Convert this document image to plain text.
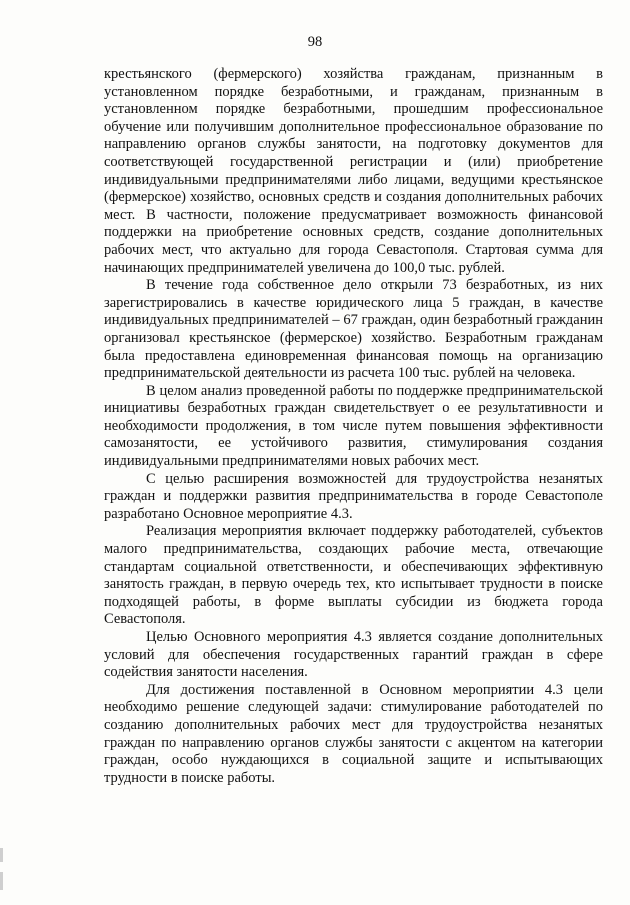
98

крестьянского (фермерского) хозяйства гражданам, признанным в установленном порядке безработными, и гражданам, признанным в установленном порядке безработными, прошедшим профессиональное обучение или получившим дополнительное профессиональное образование по направлению органов службы занятости, на подготовку документов для соответствующей государственной регистрации и (или) приобретение индивидуальными предпринимателями либо лицами, ведущими крестьянское (фермерское) хозяйство, основных средств и создания дополнительных рабочих мест. В частности, положение предусматривает возможность финансовой поддержки на приобретение основных средств, создание дополнительных рабочих мест, что актуально для города Севастополя. Стартовая сумма для начинающих предпринимателей увеличена до 100,0 тыс. рублей.

В течение года собственное дело открыли 73 безработных, из них зарегистрировались в качестве юридического лица 5 граждан, в качестве индивидуальных предпринимателей – 67 граждан, один безработный гражданин организовал крестьянское (фермерское) хозяйство. Безработным гражданам была предоставлена единовременная финансовая помощь на организацию предпринимательской деятельности из расчета 100 тыс. рублей на человека.

В целом анализ проведенной работы по поддержке предпринимательской инициативы безработных граждан свидетельствует о ее результативности и необходимости продолжения, в том числе путем повышения эффективности самозанятости, ее устойчивого развития, стимулирования создания индивидуальными предпринимателями новых рабочих мест.

С целью расширения возможностей для трудоустройства незанятых граждан и поддержки развития предпринимательства в городе Севастополе разработано Основное мероприятие 4.3.

Реализация мероприятия включает поддержку работодателей, субъектов малого предпринимательства, создающих рабочие места, отвечающие стандартам социальной ответственности, и обеспечивающих эффективную занятость граждан, в первую очередь тех, кто испытывает трудности в поиске подходящей работы, в форме выплаты субсидии из бюджета города Севастополя.

Целью Основного мероприятия 4.3 является создание дополнительных условий для обеспечения государственных гарантий граждан в сфере содействия занятости населения.

Для достижения поставленной в Основном мероприятии 4.3 цели необходимо решение следующей задачи: стимулирование работодателей по созданию дополнительных рабочих мест для трудоустройства незанятых граждан по направлению органов службы занятости с акцентом на категории граждан, особо нуждающихся в социальной защите и испытывающих трудности в поиске работы.
